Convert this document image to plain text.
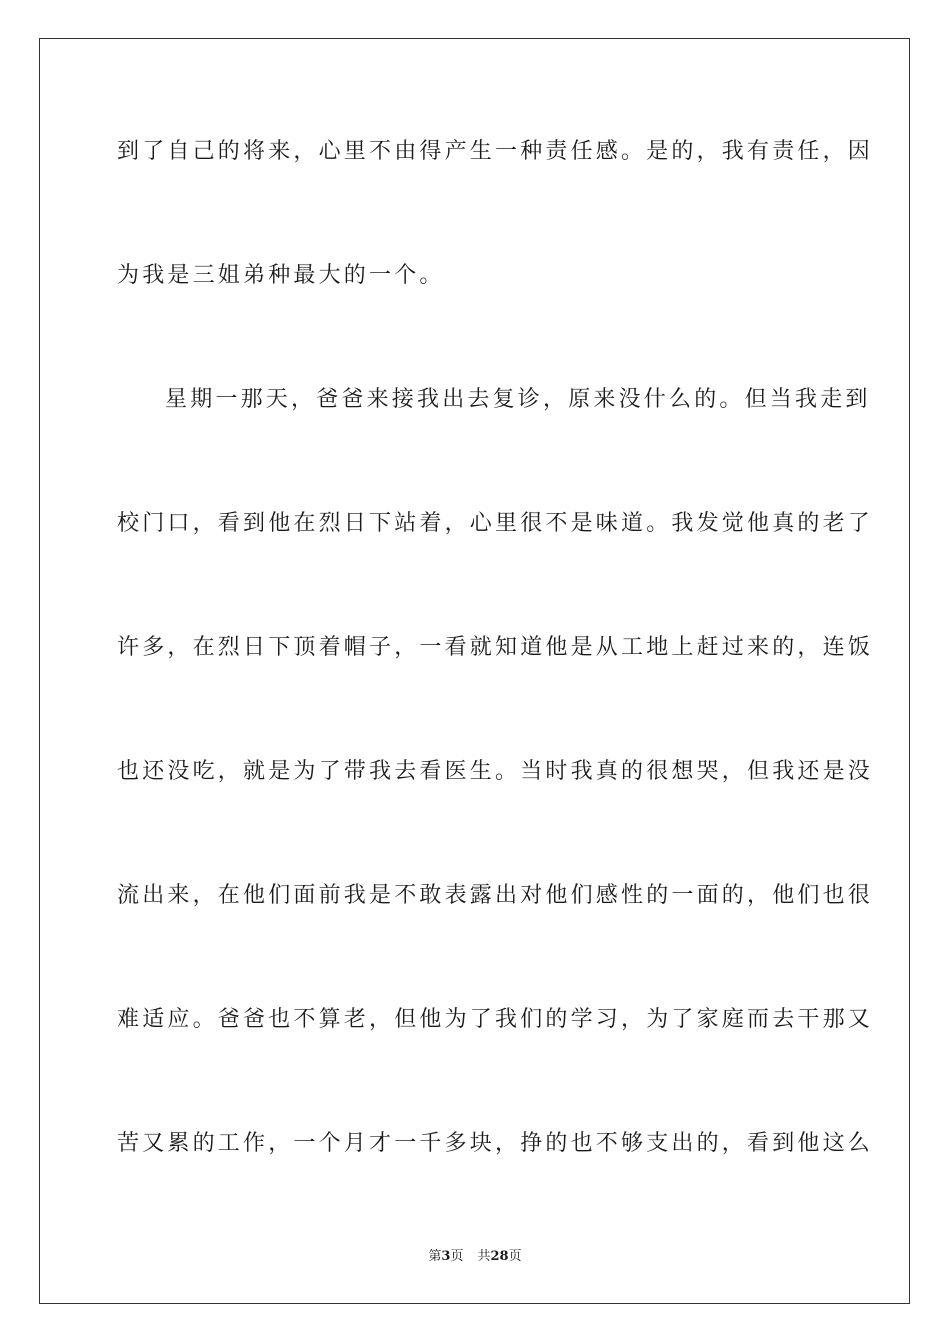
到了自己的将来，心里不由得产生一种责任感。是的，我有责任，因
为我是三姐弟种最大的一个。
星期一那天，爸爸来接我出去复诊，原来没什么的。但当我走到
校门口，看到他在烈日下站着，心里很不是味道。我发觉他真的老了
许多，在烈日下顶着帽子，一看就知道他是从工地上赶过来的，连饭
也还没吃，就是为了带我去看医生。当时我真的很想哭，但我还是没
流出来，在他们面前我是不敢表露出对他们感性的一面的，他们也很
难适应。爸爸也不算老，但他为了我们的学习，为了家庭而去干那又
苦又累的工作，一个月才一千多块，挣的也不够支出的，看到他这么
第3页 共28页
